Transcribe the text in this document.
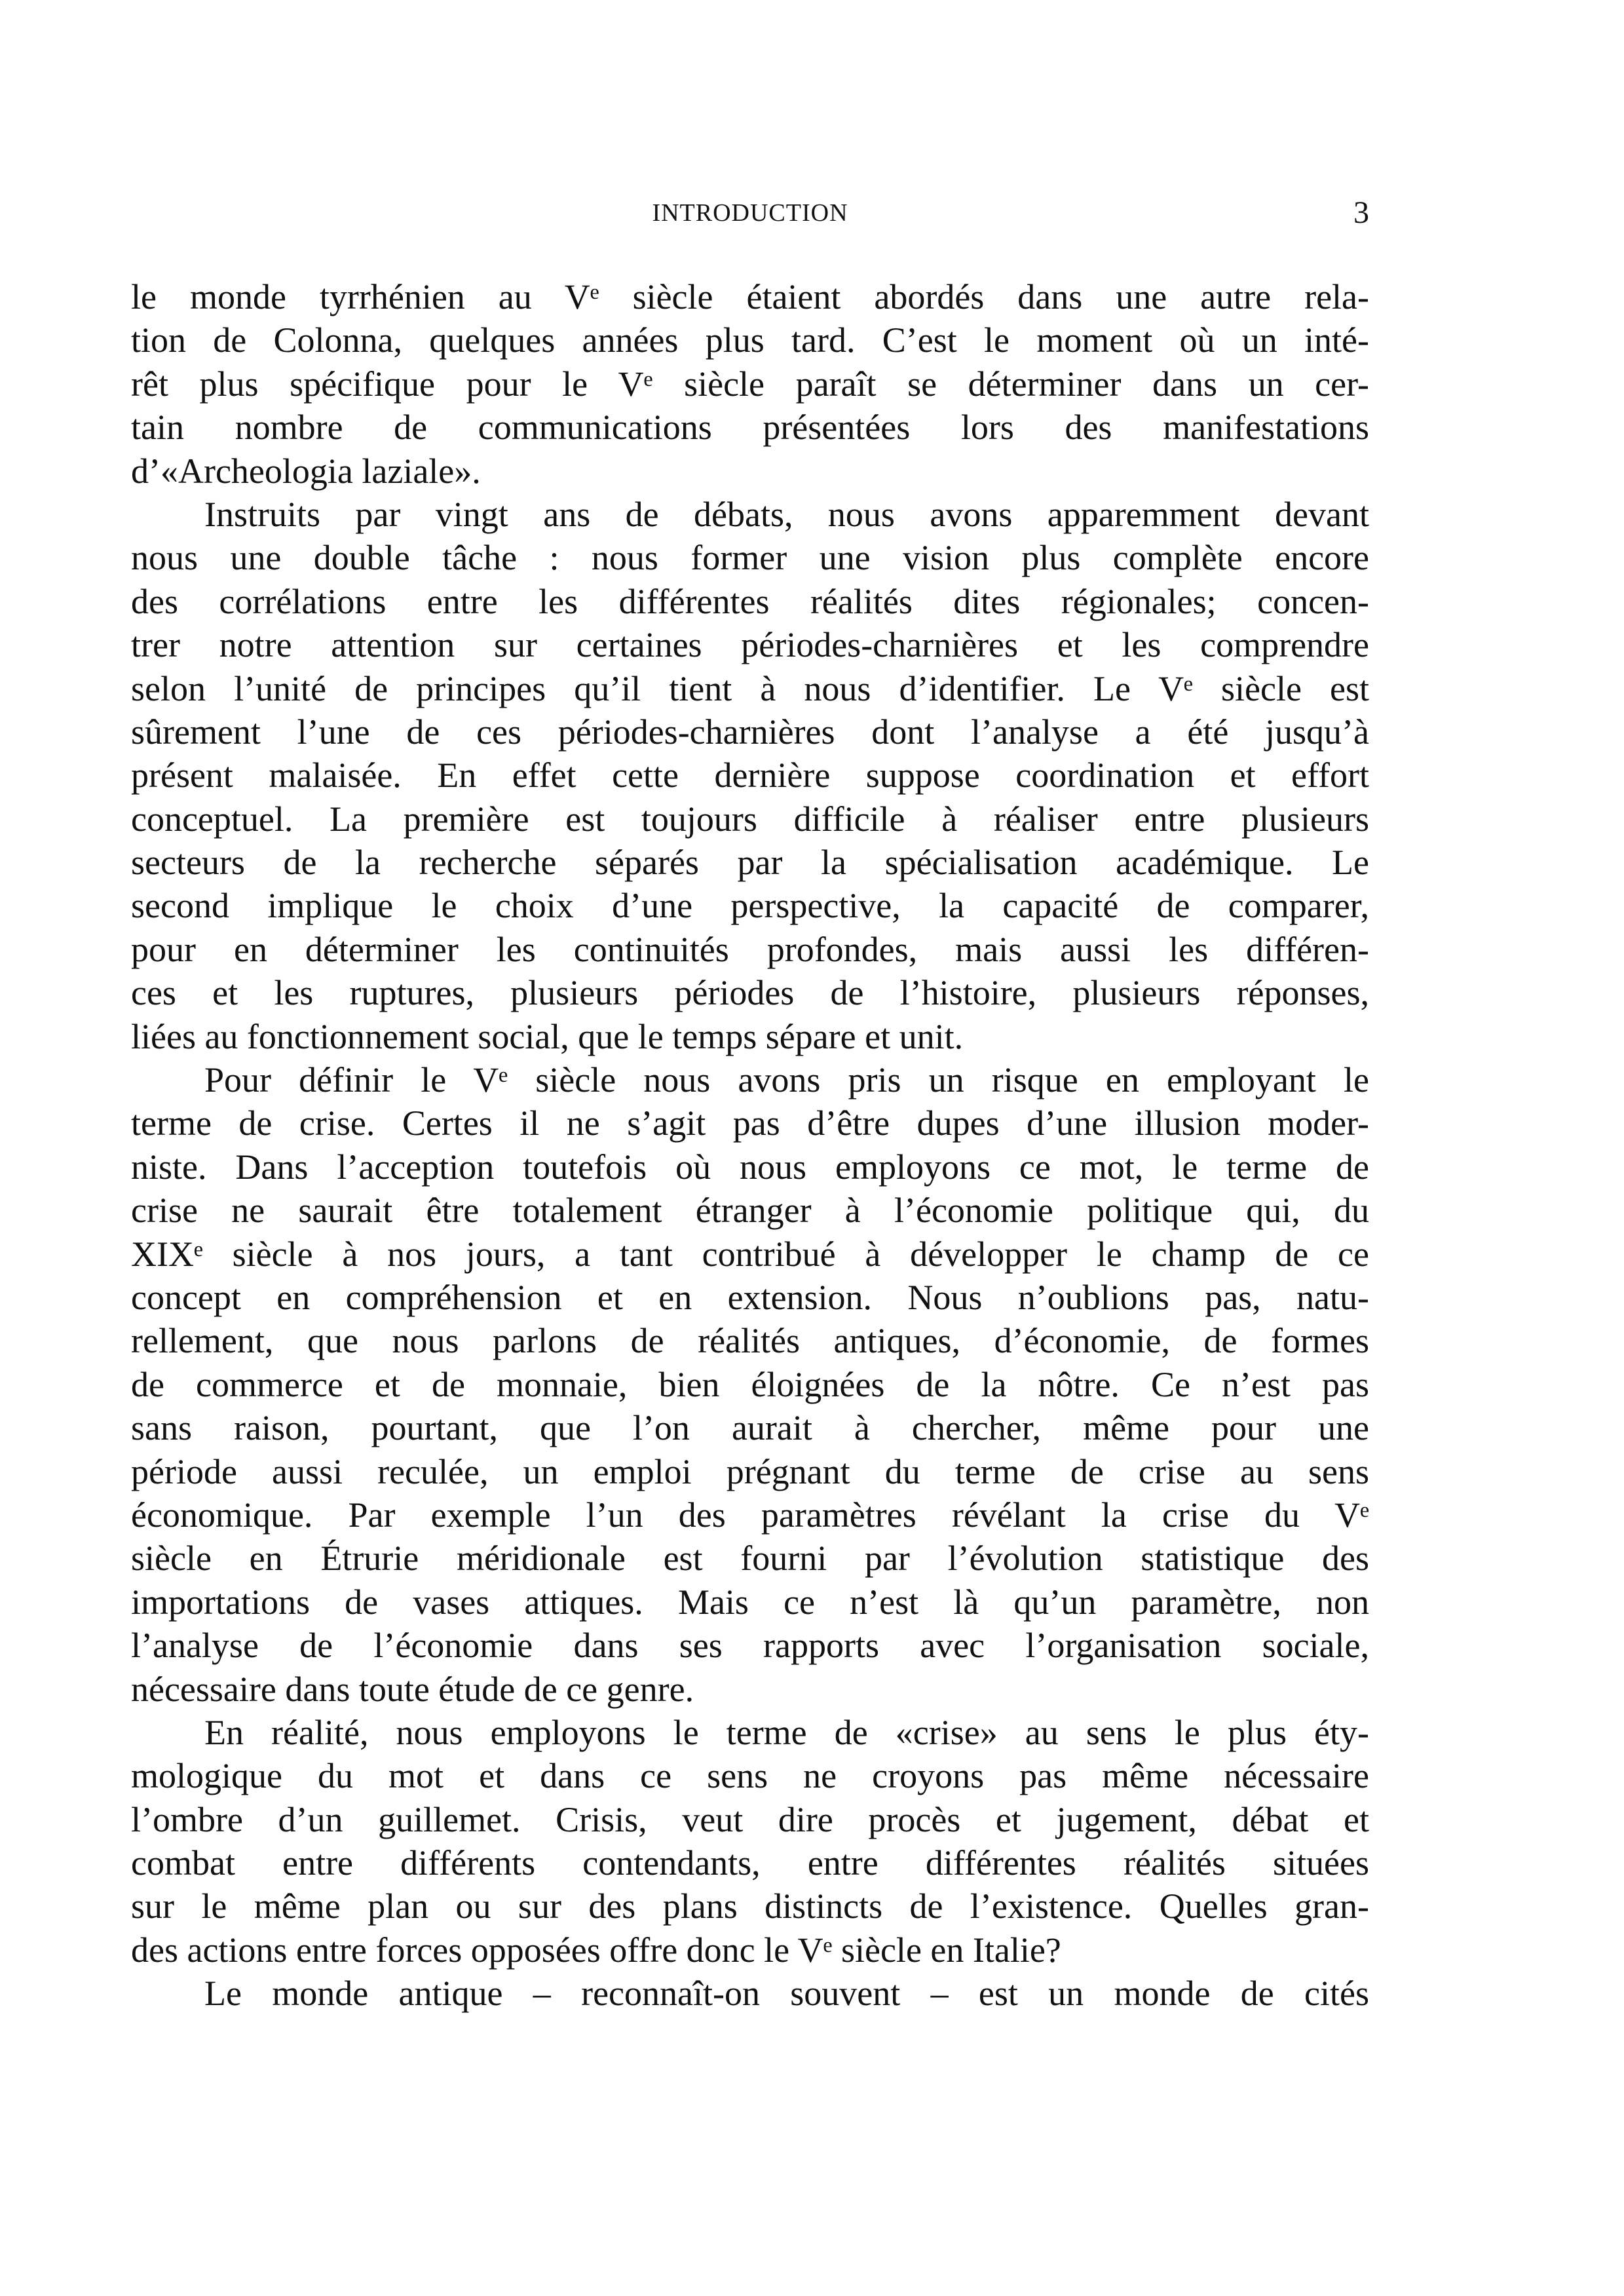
INTRODUCTION	3
le monde tyrrhénien au Vᵉ siècle étaient abordés dans une autre rela-
tion de Colonna, quelques années plus tard. C’est le moment où un inté-
rêt plus spécifique pour le Vᵉ siècle paraît se déterminer dans un cer-
tain nombre de communications présentées lors des manifestations
d’«Archeologia laziale».
Instruits par vingt ans de débats, nous avons apparemment devant
nous une double tâche : nous former une vision plus complète encore
des corrélations entre les différentes réalités dites régionales; concen-
trer notre attention sur certaines périodes-charnières et les comprendre
selon l’unité de principes qu’il tient à nous d’identifier. Le Vᵉ siècle est
sûrement l’une de ces périodes-charnières dont l’analyse a été jusqu’à
présent malaisée. En effet cette dernière suppose coordination et effort
conceptuel. La première est toujours difficile à réaliser entre plusieurs
secteurs de la recherche séparés par la spécialisation académique. Le
second implique le choix d’une perspective, la capacité de comparer,
pour en déterminer les continuités profondes, mais aussi les différen-
ces et les ruptures, plusieurs périodes de l’histoire, plusieurs réponses,
liées au fonctionnement social, que le temps sépare et unit.
Pour définir le Vᵉ siècle nous avons pris un risque en employant le
terme de crise. Certes il ne s’agit pas d’être dupes d’une illusion moder-
niste. Dans l’acception toutefois où nous employons ce mot, le terme de
crise ne saurait être totalement étranger à l’économie politique qui, du
XIXᵉ siècle à nos jours, a tant contribué à développer le champ de ce
concept en compréhension et en extension. Nous n’oublions pas, natu-
rellement, que nous parlons de réalités antiques, d’économie, de formes
de commerce et de monnaie, bien éloignées de la nôtre. Ce n’est pas
sans raison, pourtant, que l’on aurait à chercher, même pour une
période aussi reculée, un emploi prégnant du terme de crise au sens
économique. Par exemple l’un des paramètres révélant la crise du Vᵉ
siècle en Étrurie méridionale est fourni par l’évolution statistique des
importations de vases attiques. Mais ce n’est là qu’un paramètre, non
l’analyse de l’économie dans ses rapports avec l’organisation sociale,
nécessaire dans toute étude de ce genre.
En réalité, nous employons le terme de «crise» au sens le plus éty-
mologique du mot et dans ce sens ne croyons pas même nécessaire
l’ombre d’un guillemet. Crisis, veut dire procès et jugement, débat et
combat entre différents contendants, entre différentes réalités situées
sur le même plan ou sur des plans distincts de l’existence. Quelles gran-
des actions entre forces opposées offre donc le Vᵉ siècle en Italie?
Le monde antique – reconnaît-on souvent – est un monde de cités
